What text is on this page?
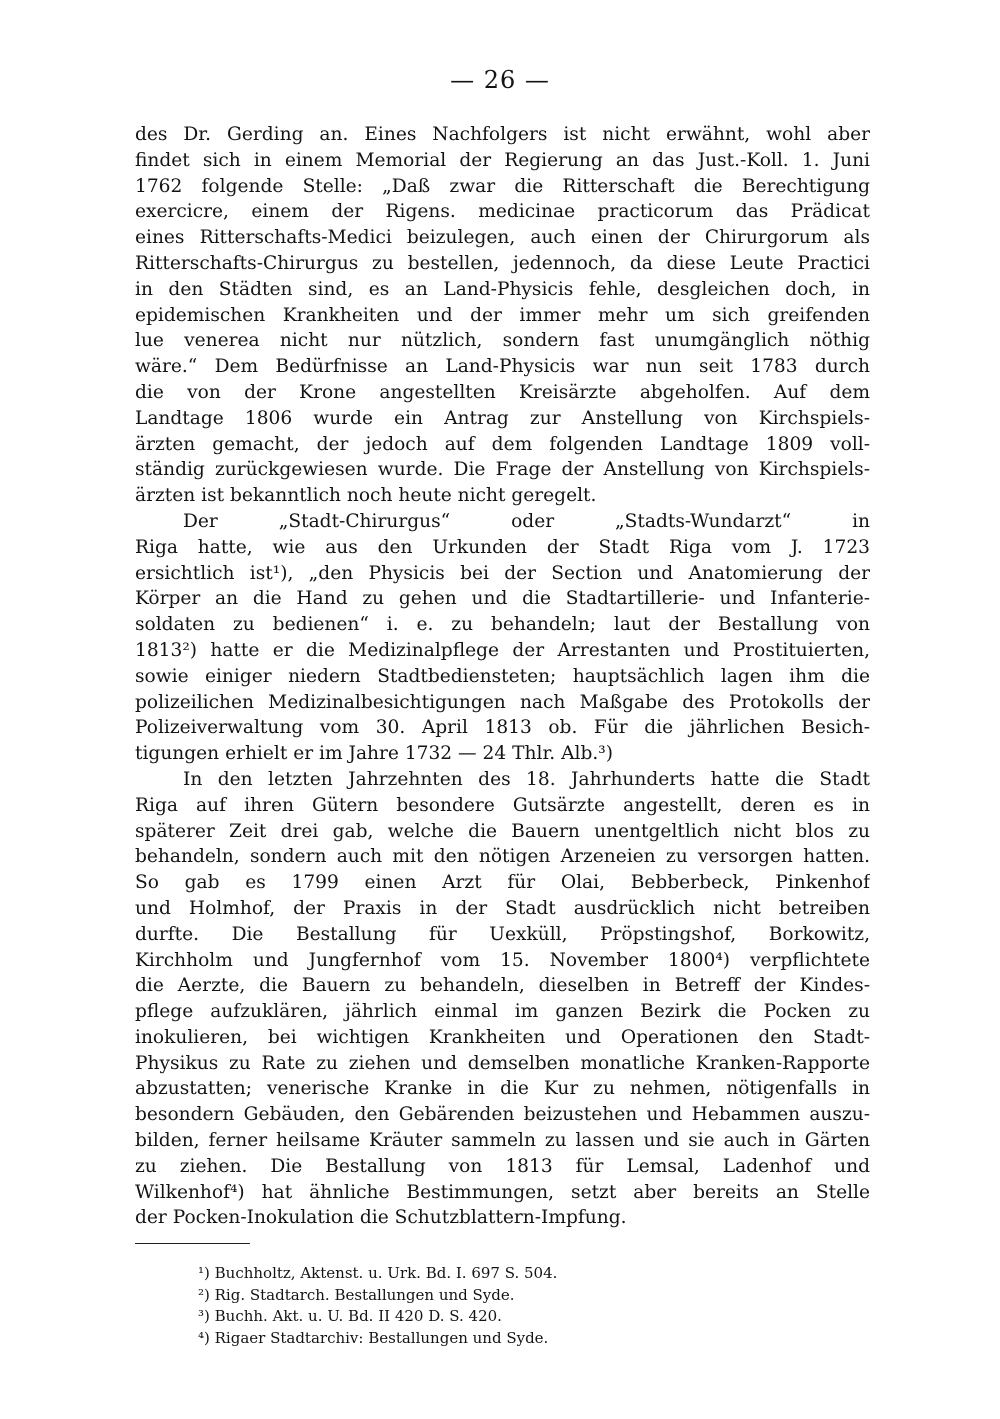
— 26 —
des Dr. Gerding an. Eines Nachfolgers ist nicht erwähnt, wohl aber
findet sich in einem Memorial der Regierung an das Just.-Koll. 1. Juni
1762 folgende Stelle: „Daß zwar die Ritterschaft die Berechtigung
exercicre, einem der Rigens. medicinae practicorum das Prädicat
eines Ritterschafts-Medici beizulegen, auch einen der Chirurgorum als
Ritterschafts-Chirurgus zu bestellen, jedennoch, da diese Leute Practici
in den Städten sind, es an Land-Physicis fehle, desgleichen doch, in
epidemischen Krankheiten und der immer mehr um sich greifenden
lue venerea nicht nur nützlich, sondern fast unumgänglich nöthig
wäre.“ Dem Bedürfnisse an Land-Physicis war nun seit 1783 durch
die von der Krone angestellten Kreisärzte abgeholfen. Auf dem
Landtage 1806 wurde ein Antrag zur Anstellung von Kirchspiels-
ärzten gemacht, der jedoch auf dem folgenden Landtage 1809 voll-
ständig zurückgewiesen wurde. Die Frage der Anstellung von Kirchspiels-
ärzten ist bekanntlich noch heute nicht geregelt.
Der „Stadt-Chirurgus“ oder „Stadts-Wundarzt“ in
Riga hatte, wie aus den Urkunden der Stadt Riga vom J. 1723
ersichtlich ist¹), „den Physicis bei der Section und Anatomierung der
Körper an die Hand zu gehen und die Stadtartillerie- und Infanterie-
soldaten zu bedienen“ i. e. zu behandeln; laut der Bestallung von
1813²) hatte er die Medizinalpflege der Arrestanten und Prostituierten,
sowie einiger niedern Stadtbediensteten; hauptsächlich lagen ihm die
polizeilichen Medizinalbesichtigungen nach Maßgabe des Protokolls der
Polizeiverwaltung vom 30. April 1813 ob. Für die jährlichen Besich-
tigungen erhielt er im Jahre 1732 — 24 Thlr. Alb.³)
In den letzten Jahrzehnten des 18. Jahrhunderts hatte die Stadt
Riga auf ihren Gütern besondere Gutsärzte angestellt, deren es in
späterer Zeit drei gab, welche die Bauern unentgeltlich nicht blos zu
behandeln, sondern auch mit den nötigen Arzeneien zu versorgen hatten.
So gab es 1799 einen Arzt für Olai, Bebberbeck, Pinkenhof
und Holmhof, der Praxis in der Stadt ausdrücklich nicht betreiben
durfte. Die Bestallung für Uexküll, Pröpstingshof, Borkowitz,
Kirchholm und Jungfernhof vom 15. November 1800⁴) verpflichtete
die Aerzte, die Bauern zu behandeln, dieselben in Betreff der Kindes-
pflege aufzuklären, jährlich einmal im ganzen Bezirk die Pocken zu
inokulieren, bei wichtigen Krankheiten und Operationen den Stadt-
Physikus zu Rate zu ziehen und demselben monatliche Kranken-Rapporte
abzustatten; venerische Kranke in die Kur zu nehmen, nötigenfalls in
besondern Gebäuden, den Gebärenden beizustehen und Hebammen auszu-
bilden, ferner heilsame Kräuter sammeln zu lassen und sie auch in Gärten
zu ziehen. Die Bestallung von 1813 für Lemsal, Ladenhof und
Wilkenhof⁴) hat ähnliche Bestimmungen, setzt aber bereits an Stelle
der Pocken-Inokulation die Schutzblattern-Impfung.
¹) Buchholtz, Aktenst. u. Urk. Bd. I. 697 S. 504.
²) Rig. Stadtarch. Bestallungen und Syde.
³) Buchh. Akt. u. U. Bd. II 420 D. S. 420.
⁴) Rigaer Stadtarchiv: Bestallungen und Syde.
